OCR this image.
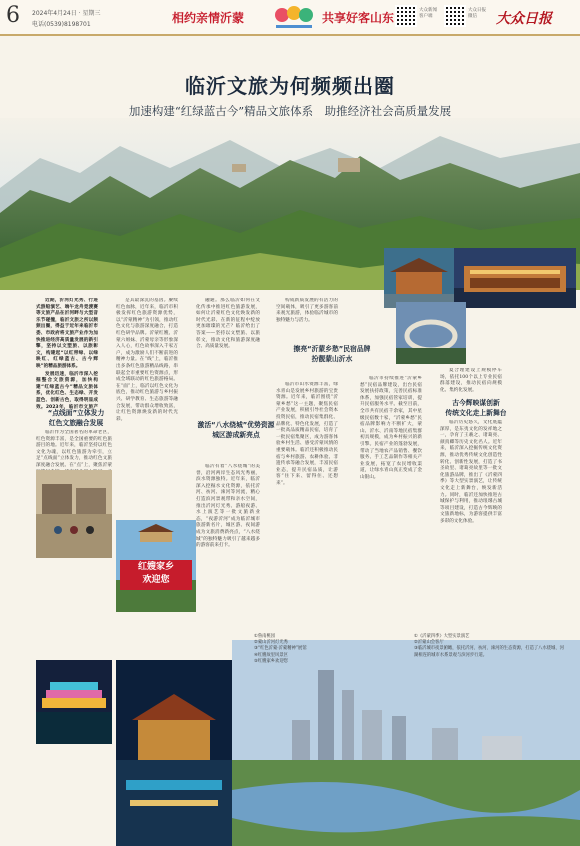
6 2024年4月24日 · 星期三
电话(0539)8198701	相约亲情沂蒙	共享好客山东
大众新闻 客户端
大众日报 微信	大众日报
临沂文旅为何频频出圈
加速构建“红绿蓝古今”精品文旅体系　助推经济社会高质量发展

近期，沂河灯光秀、行进式游船演艺、端午龙舟竞渡赛等文旅产品在沂河畔与大型音乐节碰撞，临沂文旅之所以频频出圈，得益于近年来临沂市委、市政府将文旅产业作为加快推进经济高质量发展的新引擎，坚持以文塑旅、以旅彰文，构建起“以红带绿、以绿映红、红绿蓝古、古今辉映”的精品旅游体系。

发展迅速，临沂市深入挖掘整合文旅资源，加快构建“红绿蓝古今”精品文旅体系，优化红色、生态绿、开发蓝色、创新古色，取得明显成效。2023年，临沂市文旅产

“点线面”立体发力
红色文旅融合发展

临沂作为全国著名的革命老区，红色资源丰富，是全国重要的红色旅游目的地。近年来，临沂坚持以红色文化为魂，以红色旅游为牵引，立足“点线面”立体发力，推动红色文旅深度融合发展。在“点”上，聚焦沂蒙

是其最深沉的基因。赓续红色血脉，近年来，临沂市积极发挥红色旅游资源优势，以“沂蒙精神”为引领，推动红色文化与旅游深度融合，打造红色研学品牌。沂蒙红嫂、沂蒙六姐妹、沂蒙母亲等形象深入人心，红色故事深入千家万户，成为激励人们不断前进的精神力量。在“线”上，临沂推出多条红色旅游精品线路，串联起全市重要红色资源点，形成全域联动的红色旅游格局。在“面”上，临沂以红色文化为底色，推动红色旅游与乡村振兴、研学教育、生态旅游等融合发展，带动群众增收致富，让红色资源焕发新的时代光彩。

融通。那么临沂如何在文化传承中推进红色旅游发展，如何让沂蒙红色文化焕发新的时代光彩、在新的征程中绽放更加璀璨的光芒？临沂给出了答案——坚持以文塑旅、以旅彰文，推动文化和旅游深度融合、高质量发展。

激活“八水绕城”优势资源
城区游成新亮点

临沂有着“八水绕城”的美誉，沿河两岸生态风光秀丽，滨水资源独特。近年来，临沂深入挖掘水文化资源，依托沂河、祊河、涑河等河流，精心打造滨河景观带和亲水空间，推出沂河灯光秀、游船夜游、水上演艺等一批文旅新业态，“夜游沂河”成为临沂城市旅游新名片，城区游、夜间游成为文旅消费新亮点，“八水绕城”的独特魅力吸引了越来越多的游客前来打卡。

构成新质发展的有活力的空间载体，吸引了更多游客前来观光旅游，体验临沂城市的独特魅力与活力。

擦亮“沂蒙乡愁”民宿品牌
扮靓蒙山沂水

临沂市山水资源丰富，绿水青山是发展乡村旅游的宝贵资源。近年来，临沂围绕“沂蒙乡愁”这一主题，聚焦民宿产业发展，积极引导社会资本投资民宿，推动民宿集群化、品牌化、特色化发展，打造了一批高品质精品民宿，培育了一批民宿集聚区，成为游客体验乡村生活、感受沂蒙风情的重要载体。临沂还积极推动民宿与乡村旅游、农耕体验、非遗传承等融合发展，丰富民宿业态，提升民宿品质，让游客“住下来、留得住、还想来”。

临沂市持续推进“沂蒙乡愁”民宿品牌建设，出台民宿发展扶持政策，完善民宿标准体系，加强民宿管家培训，提升民宿服务水平。截至目前，全市共有民宿千余家，其中星级民宿数十家，“沂蒙乡愁”民宿品牌影响力不断扩大，蒙山、沂水、沂南等地民宿集群初具规模，成为乡村振兴的新引擎。民宿产业的蓬勃发展，带动了当地农产品销售、餐饮服务、手工艺品制作等相关产业发展，拓宽了农民增收渠道，让绿水青山真正变成了金山银山。

夏合理建设上规模停车场，依托100个以上专业民宿群落建设，推动民宿向规模化、集约化发展。

古今辉映谋创新
传统文化走上新舞台

临沂历史悠久，文化底蕴深厚，是东夷文化的发祥地之一，孕育了王羲之、诸葛亮、颜真卿等历史文化名人。近年来，临沂深入挖掘传统文化资源，推动优秀传统文化创造性转化、创新性发展，打造了书圣故里、诸葛亮故里等一批文化旅游品牌，推出了《沂蒙四季》等大型实景演艺，让传统文化走上新舞台，焕发新活力。同时，临沂还加快推进古城保护与利用，推动琅琊古城等项目建设，打造古今辉映的文旅新地标，为游客提供丰富多彩的文化体验。

红嫂家乡
欢迎您
①鲁南桃园
②蒙山沂河灯光秀
③“红色沂蒙·沂蒙精神”展馆
④红嫂故里风景区
⑤红嫂家乡欢迎您
①《沂蒙四季》大型实景演艺
②沂蒙山会客厅
③临沂城市夜景俯瞰，依托沂河、祊河、涑河的生态资源，打造了八水绕城、河湖相连的城市水系景观与滨河步行道。
